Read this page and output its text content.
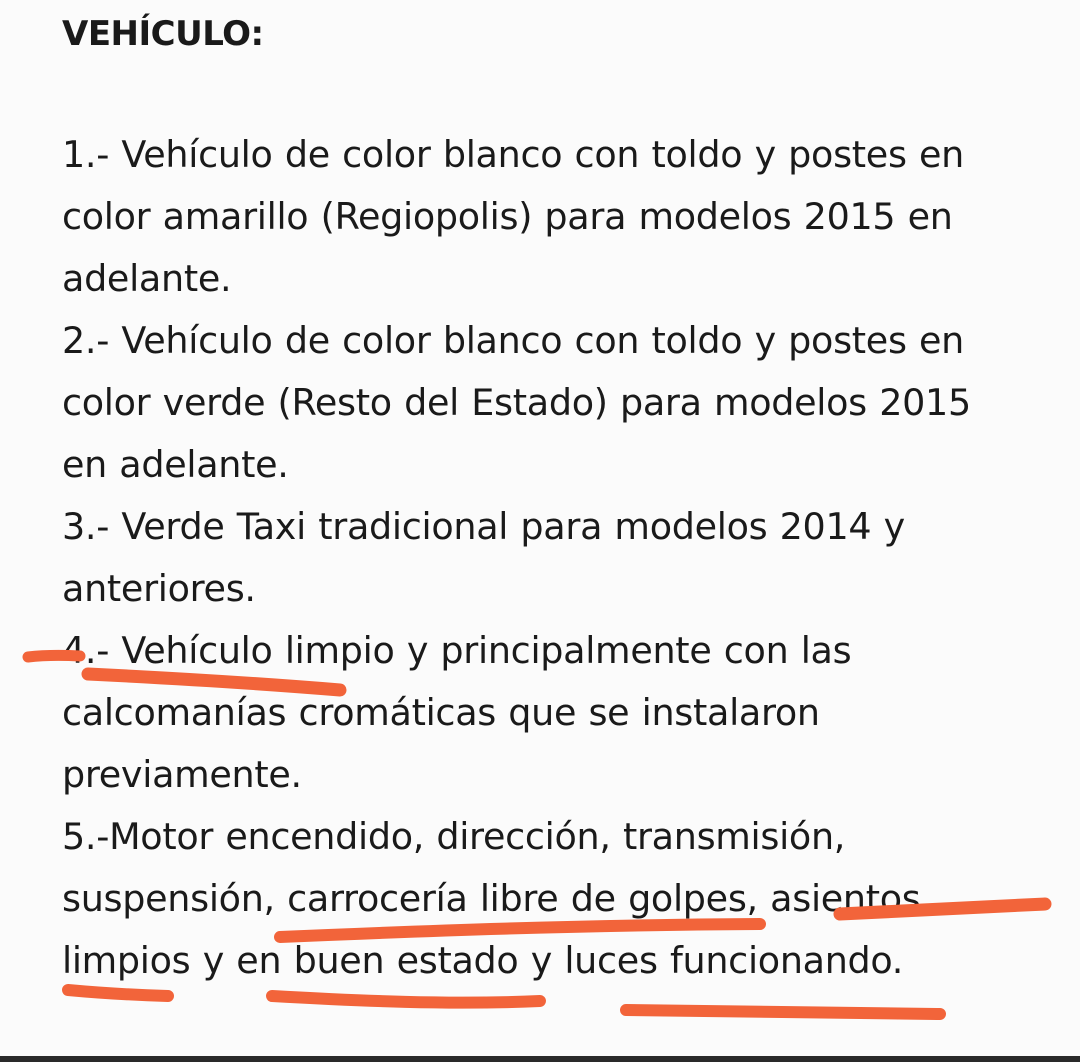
VEHÍCULO:
1.- Vehículo de color blanco con toldo y postes en
color amarillo (Regiopolis) para modelos 2015 en
adelante.
2.- Vehículo de color blanco con toldo y postes en
color verde (Resto del Estado) para modelos 2015
en adelante.
3.- Verde Taxi tradicional para modelos 2014 y
anteriores.
4.- Vehículo limpio y principalmente con las
calcomanías cromáticas que se instalaron
previamente.
5.-Motor encendido, dirección, transmisión,
suspensión, carrocería libre de golpes, asientos
limpios y en buen estado y luces funcionando.
